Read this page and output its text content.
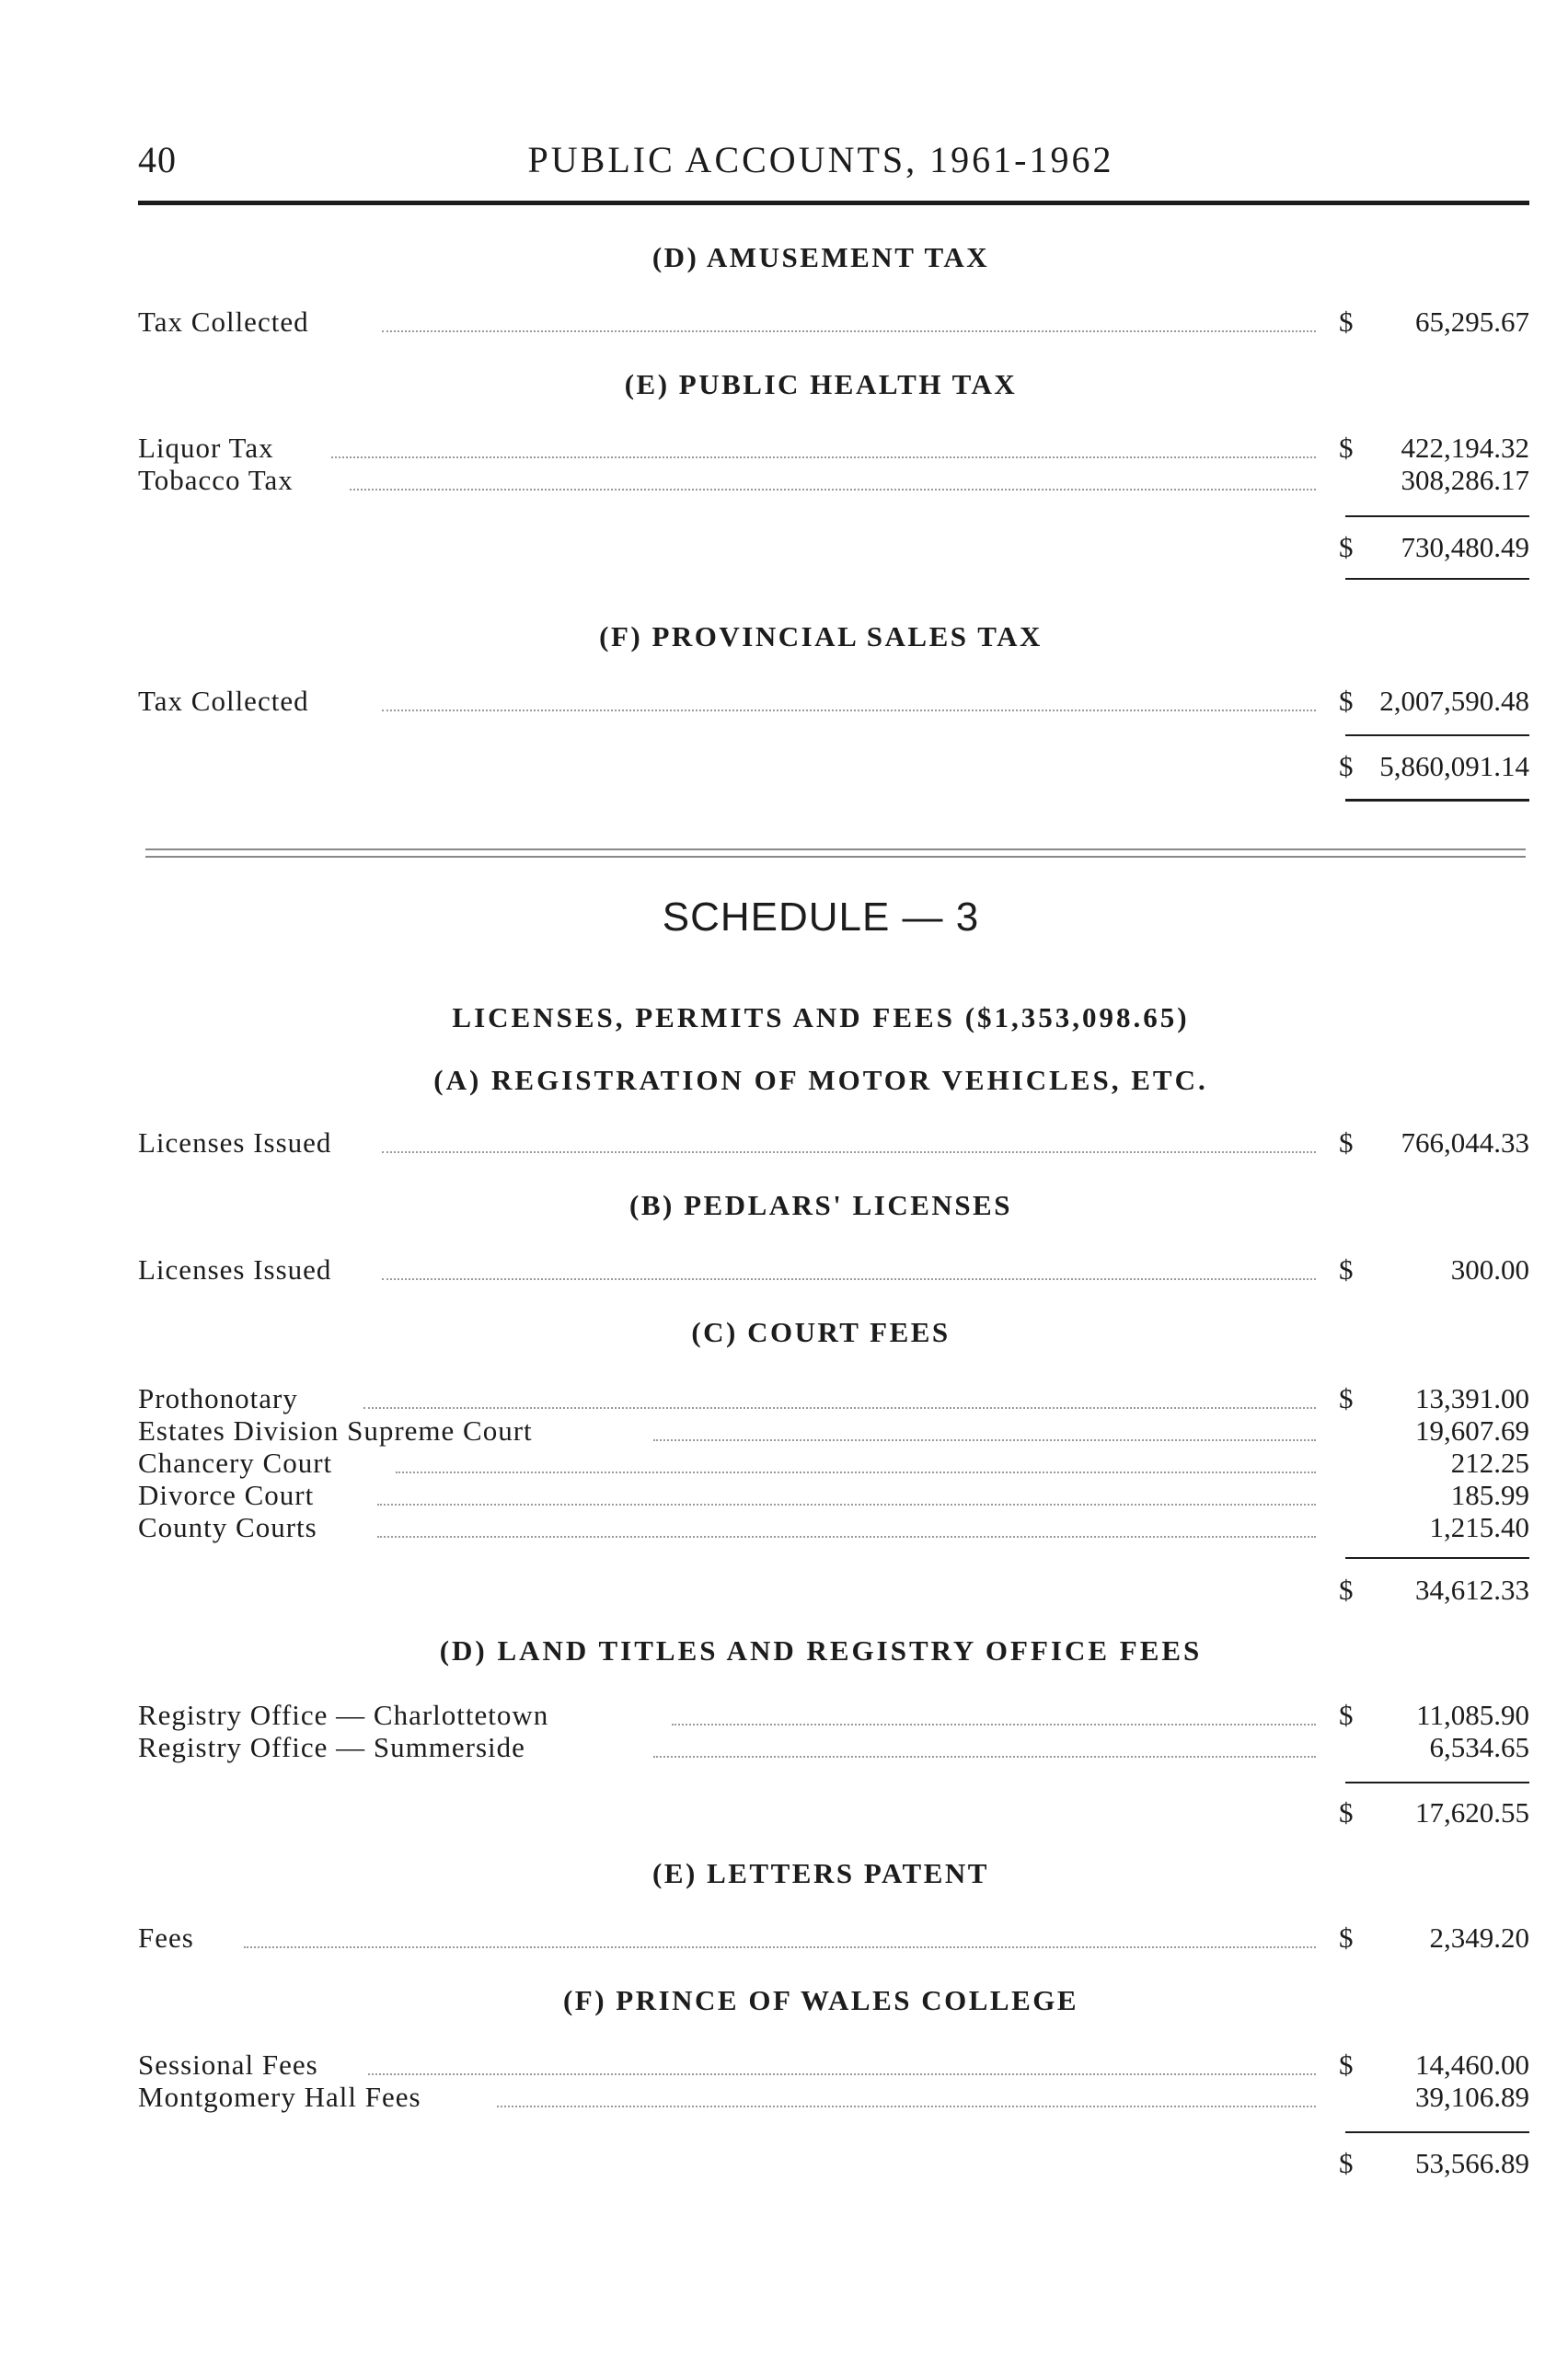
40	PUBLIC ACCOUNTS, 1961-1962
(D) AMUSEMENT TAX
Tax Collected	$ 65,295.67
(E) PUBLIC HEALTH TAX
Liquor Tax	$ 422,194.32
Tobacco Tax	308,286.17
$ 730,480.49
(F) PROVINCIAL SALES TAX
Tax Collected	$ 2,007,590.48
$ 5,860,091.14
SCHEDULE — 3
LICENSES, PERMITS AND FEES ($1,353,098.65)
(A) REGISTRATION OF MOTOR VEHICLES, ETC.
Licenses Issued	$ 766,044.33
(B) PEDLARS' LICENSES
Licenses Issued	$	300.00
(C) COURT FEES
Prothonotary	$ 13,391.00
Estates Division Supreme Court	19,607.69
Chancery Court	212.25
Divorce Court	185.99
County Courts	1,215.40
$ 34,612.33
(D) LAND TITLES AND REGISTRY OFFICE FEES
Registry Office — Charlottetown	$ 11,085.90
Registry Office — Summerside	6,534.65
$ 17,620.55
(E) LETTERS PATENT
Fees	$	2,349.20
(F) PRINCE OF WALES COLLEGE
Sessional Fees	$ 14,460.00
Montgomery Hall Fees	39,106.89
$ 53,566.89
